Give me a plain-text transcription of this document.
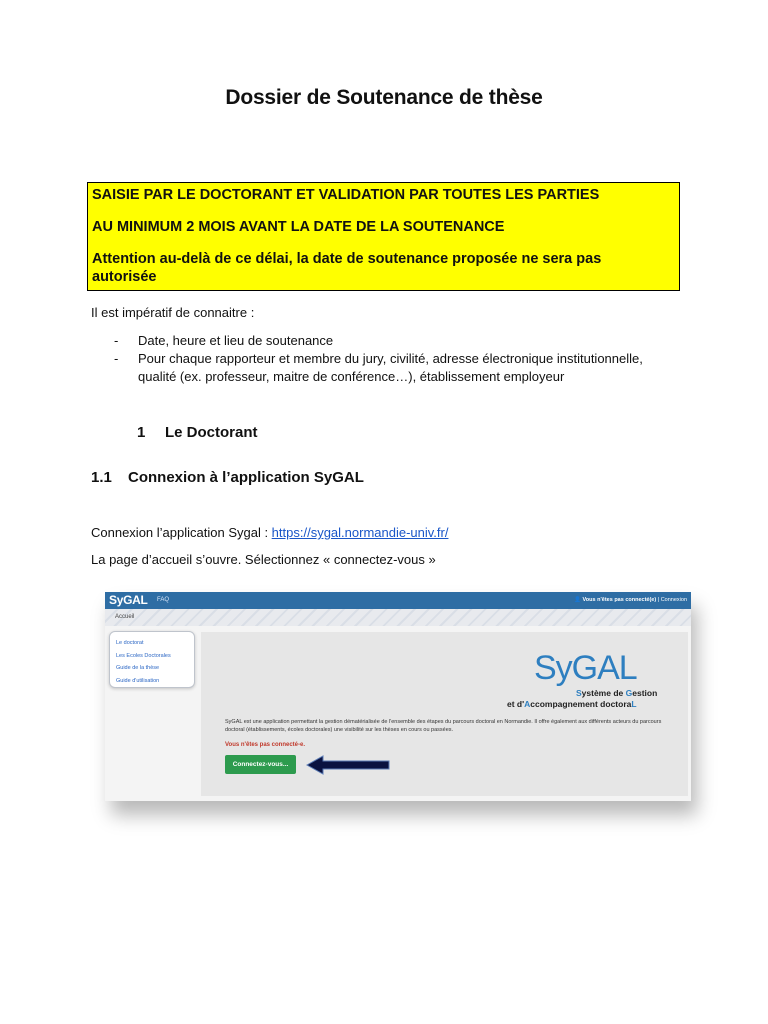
Dossier de Soutenance de thèse
SAISIE PAR LE DOCTORANT ET VALIDATION PAR TOUTES LES PARTIES
AU MINIMUM 2 MOIS AVANT LA DATE DE LA SOUTENANCE
Attention au-delà de ce délai, la date de soutenance proposée ne sera pas
autorisée
Il est impératif de connaitre :
-	Date, heure et lieu de soutenance
-	Pour chaque rapporteur et membre du jury, civilité, adresse électronique institutionnelle, qualité (ex. professeur, maitre de conférence…), établissement employeur
1 Le Doctorant
1.1 Connexion à l’application SyGAL
Connexion l’application Sygal : https://sygal.normandie-univ.fr/
La page d’accueil s’ouvre. Sélectionnez « connectez-vous »
SyGAL FAQ	👤 Vous n'êtes pas connecté(e) | Connexion
Accueil
Le doctorat
Les Ecoles Doctorales
Guide de la thèse
Guide d'utilisation	SyGAL
Système de Gestion
et d'Accompagnement doctoraL
SyGAL est une application permettant la gestion dématérialisée de l'ensemble des étapes du parcours doctoral en Normandie. Il offre également aux différents acteurs du parcours doctoral (établissements, écoles doctorales) une visibilité sur les thèses en cours ou passées.
Vous n'êtes pas connecté-e.
Connectez-vous...
